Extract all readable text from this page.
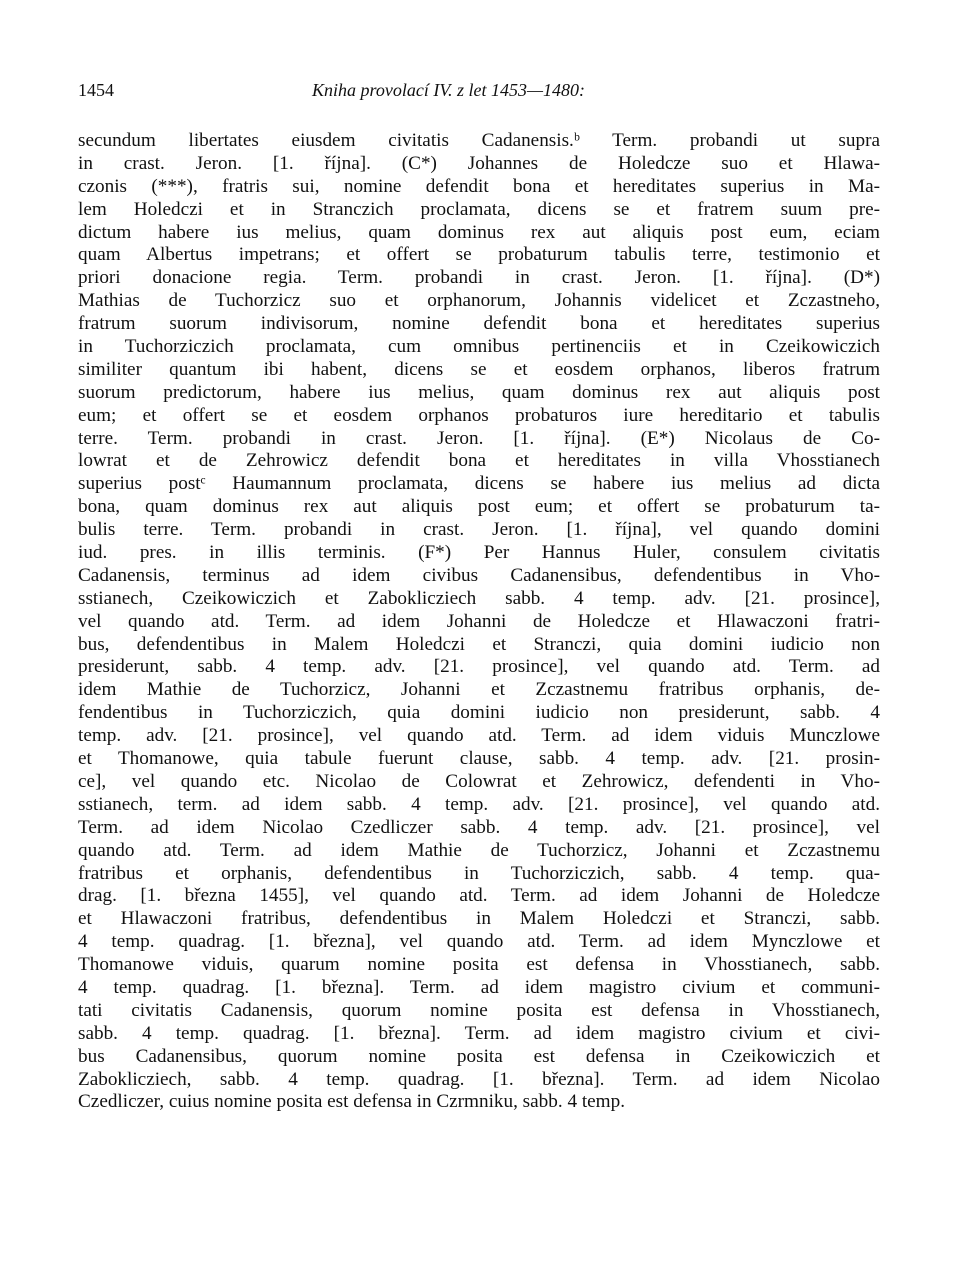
1454	Kniha provolací IV. z let 1453—1480:
secundum libertates eiusdem civitatis Cadanensis.ᵇ Term. probandi ut supra
in crast. Jeron. [1. října]. (C*) Johannes de Holedcze suo et Hlawa-
czonis (***), fratris sui, nomine defendit bona et hereditates superius in Ma-
lem Holedczi et in Stranczich proclamata, dicens se et fratrem suum pre-
dictum habere ius melius, quam dominus rex aut aliquis post eum, eciam
quam Albertus impetrans; et offert se probaturum tabulis terre, testimonio et
priori donacione regia. Term. probandi in crast. Jeron. [1. října]. (D*)
Mathias de Tuchorzicz suo et orphanorum, Johannis videlicet et Zczastneho,
fratrum suorum indivisorum, nomine defendit bona et hereditates superius
in Tuchorziczich proclamata, cum omnibus pertinenciis et in Czeikowiczich
similiter quantum ibi habent, dicens se et eosdem orphanos, liberos fratrum
suorum predictorum, habere ius melius, quam dominus rex aut aliquis post
eum; et offert se et eosdem orphanos probaturos iure hereditario et tabulis
terre. Term. probandi in crast. Jeron. [1. října]. (E*) Nicolaus de Co-
lowrat et de Zehrowicz defendit bona et hereditates in villa Vhosstianech
superius postᶜ Haumannum proclamata, dicens se habere ius melius ad dicta
bona, quam dominus rex aut aliquis post eum; et offert se probaturum ta-
bulis terre. Term. probandi in crast. Jeron. [1. října], vel quando domini
iud. pres. in illis terminis. (F*) Per Hannus Huler, consulem civitatis
Cadanensis, terminus ad idem civibus Cadanensibus, defendentibus in Vho-
sstianech, Czeikowiczich et Zaboklicziech sabb. 4 temp. adv. [21. prosince],
vel quando atd. Term. ad idem Johanni de Holedcze et Hlawaczoni fratri-
bus, defendentibus in Malem Holedczi et Stranczi, quia domini iudicio non
presiderunt, sabb. 4 temp. adv. [21. prosince], vel quando atd. Term. ad
idem Mathie de Tuchorzicz, Johanni et Zczastnemu fratribus orphanis, de-
fendentibus in Tuchorziczich, quia domini iudicio non presiderunt, sabb. 4
temp. adv. [21. prosince], vel quando atd. Term. ad idem viduis Munczlowe
et Thomanowe, quia tabule fuerunt clause, sabb. 4 temp. adv. [21. prosin-
ce], vel quando etc. Nicolao de Colowrat et Zehrowicz, defendenti in Vho-
sstianech, term. ad idem sabb. 4 temp. adv. [21. prosince], vel quando atd.
Term. ad idem Nicolao Czedliczer sabb. 4 temp. adv. [21. prosince], vel
quando atd. Term. ad idem Mathie de Tuchorzicz, Johanni et Zczastnemu
fratribus et orphanis, defendentibus in Tuchorziczich, sabb. 4 temp. qua-
drag. [1. března 1455], vel quando atd. Term. ad idem Johanni de Holedcze
et Hlawaczoni fratribus, defendentibus in Malem Holedczi et Stranczi, sabb.
4 temp. quadrag. [1. března], vel quando atd. Term. ad idem Mynczlowe et
Thomanowe viduis, quarum nomine posita est defensa in Vhosstianech, sabb.
4 temp. quadrag. [1. března]. Term. ad idem magistro civium et communi-
tati civitatis Cadanensis, quorum nomine posita est defensa in Vhosstianech,
sabb. 4 temp. quadrag. [1. března]. Term. ad idem magistro civium et civi-
bus Cadanensibus, quorum nomine posita est defensa in Czeikowiczich et
Zaboklicziech, sabb. 4 temp. quadrag. [1. března]. Term. ad idem Nicolao
Czedliczer, cuius nomine posita est defensa in Czrmniku, sabb. 4 temp.
